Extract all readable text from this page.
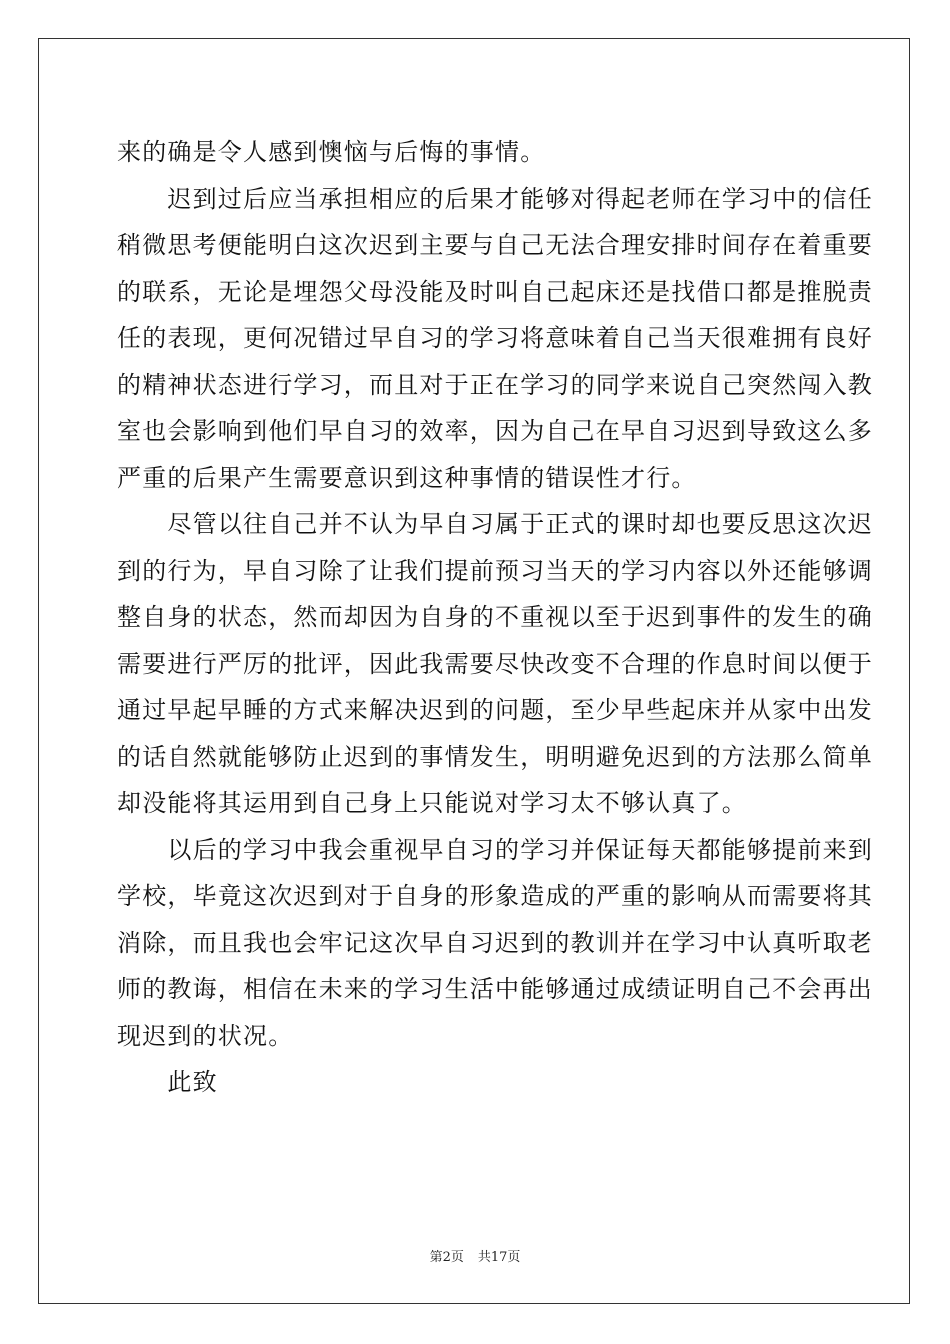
来的确是令人感到懊恼与后悔的事情。
　　迟到过后应当承担相应的后果才能够对得起老师在学习中的信任
稍微思考便能明白这次迟到主要与自己无法合理安排时间存在着重要
的联系，无论是埋怨父母没能及时叫自己起床还是找借口都是推脱责
任的表现，更何况错过早自习的学习将意味着自己当天很难拥有良好
的精神状态进行学习，而且对于正在学习的同学来说自己突然闯入教
室也会影响到他们早自习的效率，因为自己在早自习迟到导致这么多
严重的后果产生需要意识到这种事情的错误性才行。
　　尽管以往自己并不认为早自习属于正式的课时却也要反思这次迟
到的行为，早自习除了让我们提前预习当天的学习内容以外还能够调
整自身的状态，然而却因为自身的不重视以至于迟到事件的发生的确
需要进行严厉的批评，因此我需要尽快改变不合理的作息时间以便于
通过早起早睡的方式来解决迟到的问题，至少早些起床并从家中出发
的话自然就能够防止迟到的事情发生，明明避免迟到的方法那么简单
却没能将其运用到自己身上只能说对学习太不够认真了。
　　以后的学习中我会重视早自习的学习并保证每天都能够提前来到
学校，毕竟这次迟到对于自身的形象造成的严重的影响从而需要将其
消除，而且我也会牢记这次早自习迟到的教训并在学习中认真听取老
师的教诲，相信在未来的学习生活中能够通过成绩证明自己不会再出
现迟到的状况。
　　此致
第2页 共17页
